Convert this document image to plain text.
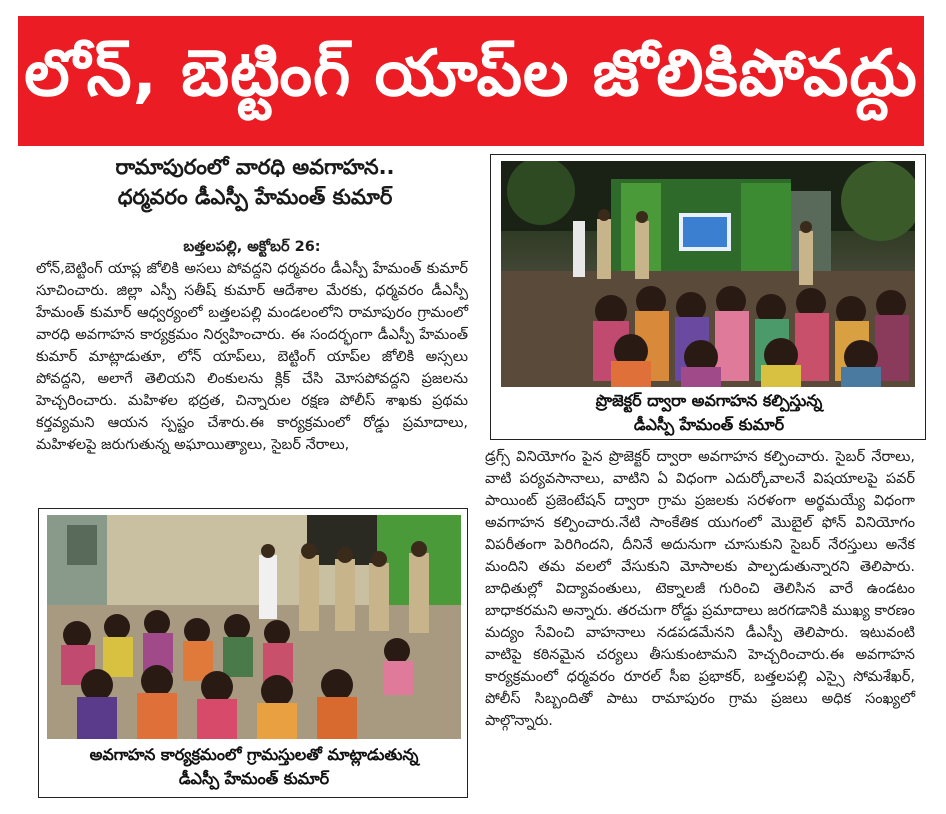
లోన్, బెట్టింగ్ యాప్‌ల జోలికిపోవద్దు
రామాపురంలో వారధి అవగాహన..
ధర్మవరం డీఎస్పీ హేమంత్ కుమార్
బత్తలపల్లి, అక్టోబర్ 26:
లోన్,బెట్టింగ్ యాప్ల జోలికి అసలు పోవద్దని ధర్మవరం డీఎస్పీ హేమంత్ కుమార్ సూచించారు. జిల్లా ఎస్పీ సతీష్ కుమార్ ఆదేశాల మేరకు, ధర్మవరం డీఎస్పీ హేమంత్ కుమార్ ఆధ్వర్యంలో బత్తలపల్లి మండలంలోని రామాపురం గ్రామంలో వారధి అవగాహన కార్యక్రమం నిర్వహించారు. ఈ సందర్భంగా డీఎస్పీ హేమంత్ కుమార్ మాట్లాడుతూ, లోన్ యాప్‌లు, బెట్టింగ్ యాప్‌ల జోలికి అస్సలు పోవద్దని, అలాగే తెలియని లింకులను క్లిక్ చేసి మోసపోవద్దని ప్రజలను హెచ్చరించారు. మహిళల భద్రత, చిన్నారుల రక్షణ పోలీస్ శాఖకు ప్రథమ కర్తవ్యమని ఆయన స్పష్టం చేశారు.ఈ కార్యక్రమంలో రోడ్డు ప్రమాదాలు, మహిళలపై జరుగుతున్న అఘాయిత్యాలు, సైబర్ నేరాలు,
డ్రగ్స్ వినియోగం పైన ప్రొజెక్టర్ ద్వారా అవగాహన కల్పించారు. సైబర్ నేరాలు, వాటి పర్యవసానాలు, వాటిని ఏ విధంగా ఎదుర్కోవాలనే విషయాలపై పవర్ పాయింట్ ప్రజెంటేషన్ ద్వారా గ్రామ ప్రజలకు సరళంగా అర్థమయ్యే విధంగా అవగాహన కల్పించారు.నేటి సాంకేతిక యుగంలో మొబైల్ ఫోన్ వినియోగం విపరీతంగా పెరిగిందని, దీనినే అదునుగా చూసుకుని సైబర్ నేరస్తులు అనేక మందిని తమ వలలో వేసుకుని మోసాలకు పాల్పడుతున్నారని తెలిపారు. బాధితుల్లో విద్యావంతులు, టెక్నాలజీ గురించి తెలిసిన వారే ఉండటం బాధాకరమని అన్నారు. తరచుగా రోడ్డు ప్రమాదాలు జరగడానికి ముఖ్య కారణం మద్యం సేవించి వాహనాలు నడపడమేనని డీఎస్పీ తెలిపారు. ఇటువంటి వాటిపై కఠినమైన చర్యలు తీసుకుంటామని హెచ్చరించారు.ఈ అవగాహన కార్యక్రమంలో ధర్మవరం రూరల్ సీఐ ప్రభాకర్, బత్తలపల్లి ఎస్సై సోమశేఖర్, పోలీస్ సిబ్బందితో పాటు రామాపురం గ్రామ ప్రజలు అధిక సంఖ్యలో పాల్గొన్నారు.
ప్రొజెక్టర్ ద్వారా అవగాహన కల్పిస్తున్న
డీఎస్పీ హేమంత్ కుమార్
అవగాహన కార్యక్రమంలో గ్రామస్తులతో మాట్లాడుతున్న
డీఎస్పీ హేమంత్ కుమార్
